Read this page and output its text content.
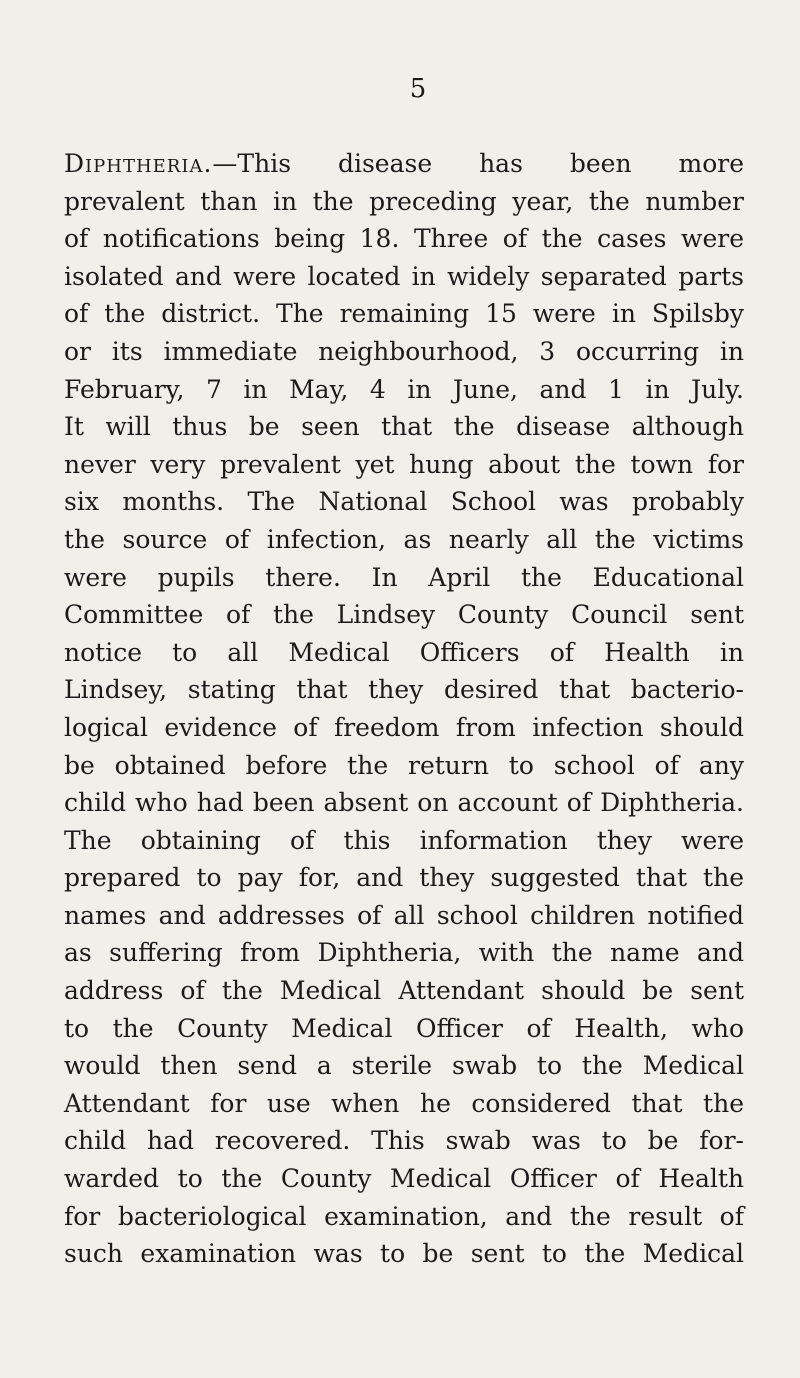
5
Diphtheria.—This disease has been more
prevalent than in the preceding year, the number
of notifications being 18. Three of the cases were
isolated and were located in widely separated parts
of the district. The remaining 15 were in Spilsby
or its immediate neighbourhood, 3 occurring in
February, 7 in May, 4 in June, and 1 in July.
It will thus be seen that the disease although
never very prevalent yet hung about the town for
six months. The National School was probably
the source of infection, as nearly all the victims
were pupils there. In April the Educational
Committee of the Lindsey County Council sent
notice to all Medical Officers of Health in
Lindsey, stating that they desired that bacterio-
logical evidence of freedom from infection should
be obtained before the return to school of any
child who had been absent on account of Diphtheria.
The obtaining of this information they were
prepared to pay for, and they suggested that the
names and addresses of all school children notified
as suffering from Diphtheria, with the name and
address of the Medical Attendant should be sent
to the County Medical Officer of Health, who
would then send a sterile swab to the Medical
Attendant for use when he considered that the
child had recovered. This swab was to be for-
warded to the County Medical Officer of Health
for bacteriological examination, and the result of
such examination was to be sent to the Medical
